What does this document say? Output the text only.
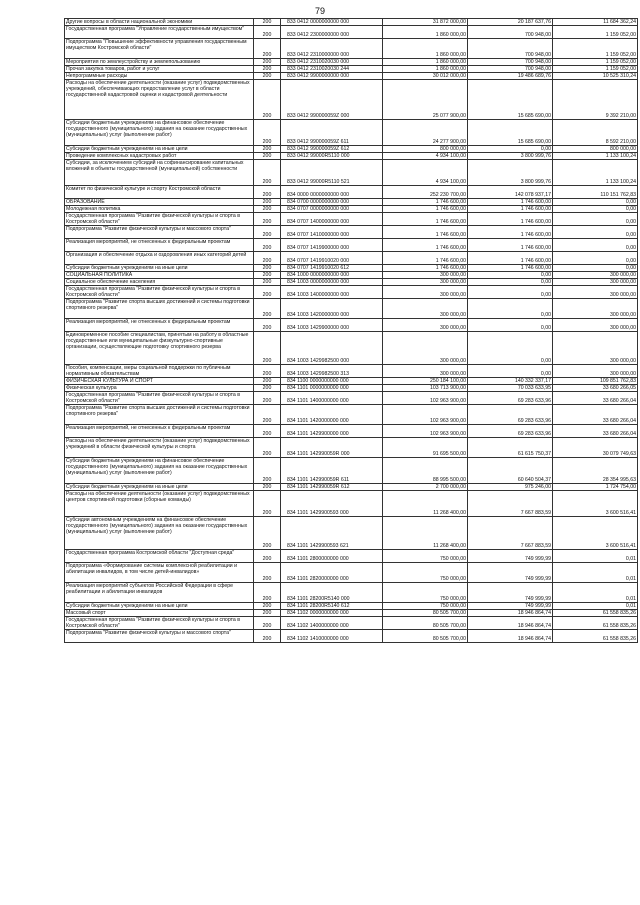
79
Другие вопросы в области национальной экономики	200	833 0412 0000000000 000	31 872 000,00	20 187 637,76	11 684 362,24
Государственная программа "Управление государственным имуществом"	200	833 0412 2300000000 000	1 860 000,00	700 948,00	1 159 052,00
Подпрограмма "Повышение эффективности управления государственным имуществом Костромской области"	200	833 0412 2310000000 000	1 860 000,00	700 948,00	1 159 052,00
Мероприятия по землеустройству и землепользованию	200	833 0412 2310020030 000	1 860 000,00	700 948,00	1 159 052,00
Прочая закупка товаров, работ и услуг	200	833 0412 2310020030 244	1 860 000,00	700 948,00	1 159 052,00
Непрограммные расходы	200	833 0412 9900000000 000	30 012 000,00	19 486 689,76	10 525 310,24
Расходы на обеспечение деятельности (оказание услуг) подведомственных учреждений, обеспечивающих предоставление услуг в области государственной кадастровой оценки и кадастровой деятельности	200	833 0412 990000059Z 000	25 077 900,00	15 685 690,00	9 392 210,00
Субсидии бюджетным учреждениям на финансовое обеспечение государственного (муниципального) задания на оказание государственных (муниципальных) услуг (выполнение работ)	200	833 0412 990000059Z 611	24 277 900,00	15 685 690,00	8 592 210,00
Субсидии бюджетным учреждениям на иные цели	200	833 0412 990000059Z 612	800 000,00	0,00	800 000,00
Проведение комплексных кадастровых работ	200	833 0412 99000R5110 000	4 934 100,00	3 800 999,76	1 133 100,24
Субсидии, за исключением субсидий на софинансирование капитальных вложений в объекты государственной (муниципальной) собственности	200	833 0412 99000R5110 521	4 934 100,00	3 800 999,76	1 133 100,24
Комитет по физической культуре и спорту Костромской области	200	834 0000 0000000000 000	252 230 700,00	142 078 937,17	110 151 762,83
ОБРАЗОВАНИЕ	200	834 0700 0000000000 000	1 746 600,00	1 746 600,00	0,00
Молодежная политика	200	834 0707 0000000000 000	1 746 600,00	1 746 600,00	0,00
Государственная программа "Развитие физической культуры и спорта в Костромской области"	200	834 0707 1400000000 000	1 746 600,00	1 746 600,00	0,00
Подпрограмма "Развитие физической культуры и массового спорта"	200	834 0707 1410000000 000	1 746 600,00	1 746 600,00	0,00
Реализация мероприятий, не отнесенных к федеральным проектам	200	834 0707 1419900000 000	1 746 600,00	1 746 600,00	0,00
Организация и обеспечение отдыха и оздоровления иных категорий детей	200	834 0707 1419910020 000	1 746 600,00	1 746 600,00	0,00
Субсидии бюджетным учреждениям на иные цели	200	834 0707 1419910020 612	1 746 600,00	1 746 600,00	0,00
СОЦИАЛЬНАЯ ПОЛИТИКА	200	834 1000 0000000000 000	300 000,00	0,00	300 000,00
Социальное обеспечение населения	200	834 1003 0000000000 000	300 000,00	0,00	300 000,00
Государственная программа "Развитие физической культуры и спорта в Костромской области"	200	834 1003 1400000000 000	300 000,00	0,00	300 000,00
Подпрограмма "Развитие спорта высших достижений и системы подготовки спортивного резерва"	200	834 1003 1420000000 000	300 000,00	0,00	300 000,00
Реализация мероприятий, не отнесенных к федеральным проектам	200	834 1003 1429900000 000	300 000,00	0,00	300 000,00
Единовременное пособие специалистам, принятым на работу в областные государственные или муниципальные физкультурно-спортивные организации, осуществляющие подготовку спортивного резерва	200	834 1003 1429982500 000	300 000,00	0,00	300 000,00
Пособия, компенсации, меры социальной поддержки по публичным нормативным обязательствам	200	834 1003 1429982500 313	300 000,00	0,00	300 000,00
ФИЗИЧЕСКАЯ КУЛЬТУРА И СПОРТ	200	834 1100 0000000000 000	250 184 100,00	140 332 337,17	109 851 762,83
Физическая культура	200	834 1101 0000000000 000	103 713 900,00	70 033 633,95	33 680 266,05
Государственная программа "Развитие физической культуры и спорта в Костромской области"	200	834 1101 1400000000 000	102 963 900,00	69 283 633,96	33 680 266,04
Подпрограмма "Развитие спорта высших достижений и системы подготовки спортивного резерва"	200	834 1101 1420000000 000	102 963 900,00	69 283 633,96	33 680 266,04
Реализация мероприятий, не отнесенных к федеральным проектам	200	834 1101 1429900000 000	102 963 900,00	69 283 633,96	33 680 266,04
Расходы на обеспечение деятельности (оказание услуг) подведомственных учреждений в области физической культуры и спорта	200	834 1101 142990059R 000	91 695 500,00	61 615 750,37	30 079 749,63
Субсидии бюджетным учреждениям на финансовое обеспечение государственного (муниципального) задания на оказание государственных (муниципальных) услуг (выполнение работ)	200	834 1101 142990059R 611	88 995 500,00	60 640 504,37	28 354 995,63
Субсидии бюджетным учреждениям на иные цели	200	834 1101 142990059R 612	2 700 000,00	975 246,00	1 724 754,00
Расходы на обеспечение деятельности (оказание услуг) подведомственных центров спортивной подготовки (сборные команды)	200	834 1101 1429900593 000	11 268 400,00	7 667 883,59	3 600 516,41
Субсидии автономным учреждениям на финансовое обеспечение государственного (муниципального) задания на оказание государственных (муниципальных) услуг (выполнение работ)	200	834 1101 1429900593 621	11 268 400,00	7 667 883,59	3 600 516,41
Государственная программа Костромской области "Доступная среда"	200	834 1101 2800000000 000	750 000,00	749 999,99	0,01
Подпрограмма «Формирование системы комплексной реабилитации и абилитации инвалидов, в том числе детей-инвалидов»	200	834 1101 2820000000 000	750 000,00	749 999,99	0,01
Реализация мероприятий субъектов Российской Федерации в сфере реабилитации и абилитации инвалидов	200	834 1101 28200R5140 000	750 000,00	749 999,99	0,01
Субсидии бюджетным учреждениям на иные цели	200	834 1101 28200R5140 612	750 000,00	749 999,99	0,01
Массовый спорт	200	834 1102 0000000000 000	80 505 700,00	18 946 864,74	61 558 835,26
Государственная программа "Развитие физической культуры и спорта в Костромской области"	200	834 1102 1400000000 000	80 505 700,00	18 946 864,74	61 558 835,26
Подпрограмма "Развитие физической культуры и массового спорта"	200	834 1102 1410000000 000	80 505 700,00	18 946 864,74	61 558 835,26
